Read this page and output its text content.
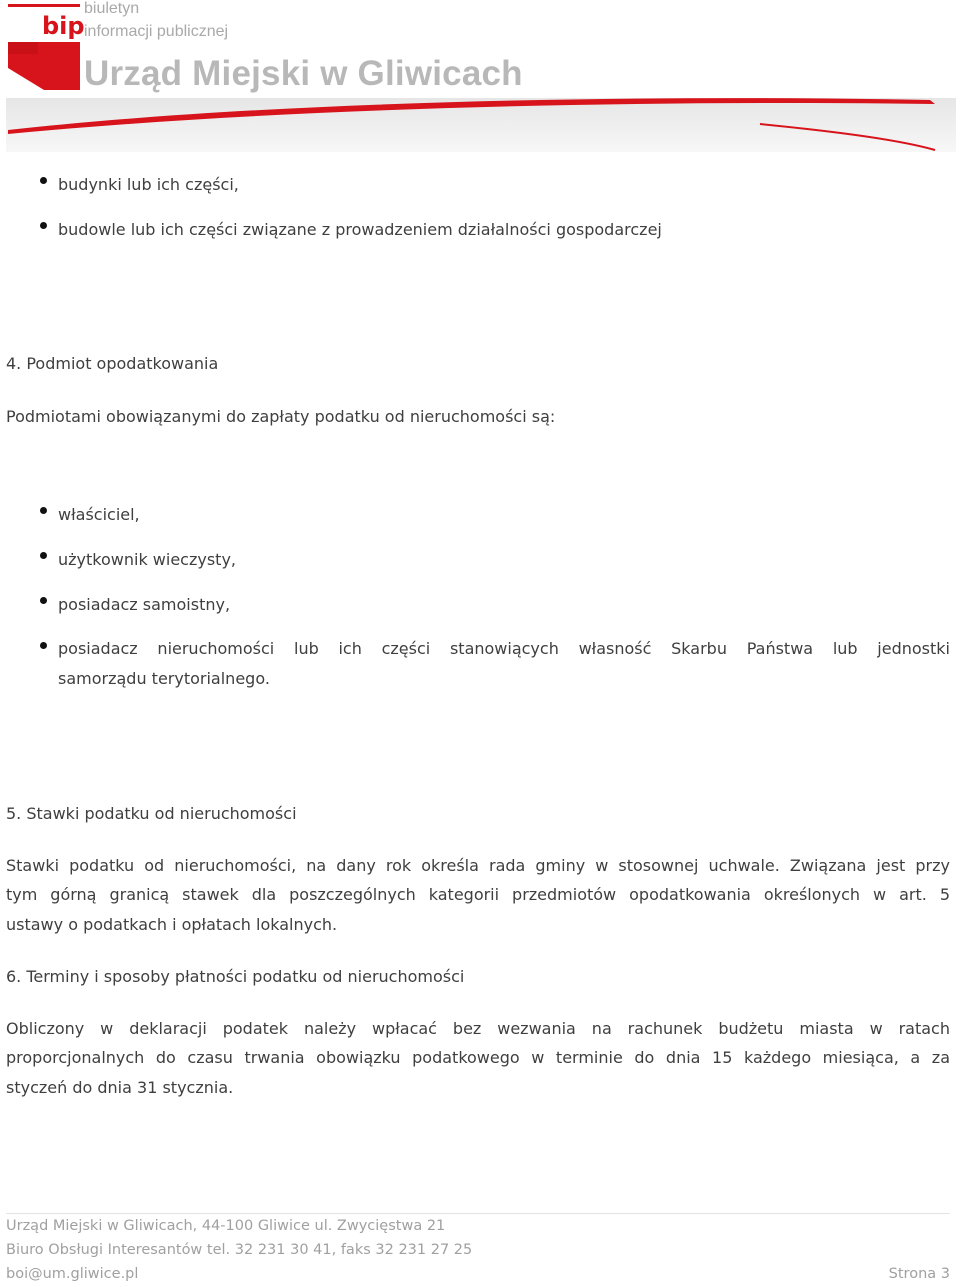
bip
biuletyn
informacji publicznej
Urząd Miejski w Gliwicach
budynki lub ich części,
budowle lub ich części związane z prowadzeniem działalności gospodarczej
4. Podmiot opodatkowania
Podmiotami obowiązanymi do zapłaty podatku od nieruchomości są:
właściciel,
użytkownik wieczysty,
posiadacz samoistny,
posiadacz nieruchomości lub ich części stanowiących własność Skarbu Państwa lub jednostki
samorządu terytorialnego.
5. Stawki podatku od nieruchomości
Stawki podatku od nieruchomości, na dany rok określa rada gminy w stosownej uchwale. Związana jest przy
tym górną granicą stawek dla poszczególnych kategorii przedmiotów opodatkowania określonych w art. 5
ustawy o podatkach i opłatach lokalnych.
6. Terminy i sposoby płatności podatku od nieruchomości
Obliczony w deklaracji podatek należy wpłacać bez wezwania na rachunek budżetu miasta w ratach
proporcjonalnych do czasu trwania obowiązku podatkowego w terminie do dnia 15 każdego miesiąca, a za
styczeń do dnia 31 stycznia.
Urząd Miejski w Gliwicach, 44-100 Gliwice ul. Zwycięstwa 21
Biuro Obsługi Interesantów tel. 32 231 30 41, faks 32 231 27 25
boi@um.gliwice.pl	Strona 3
